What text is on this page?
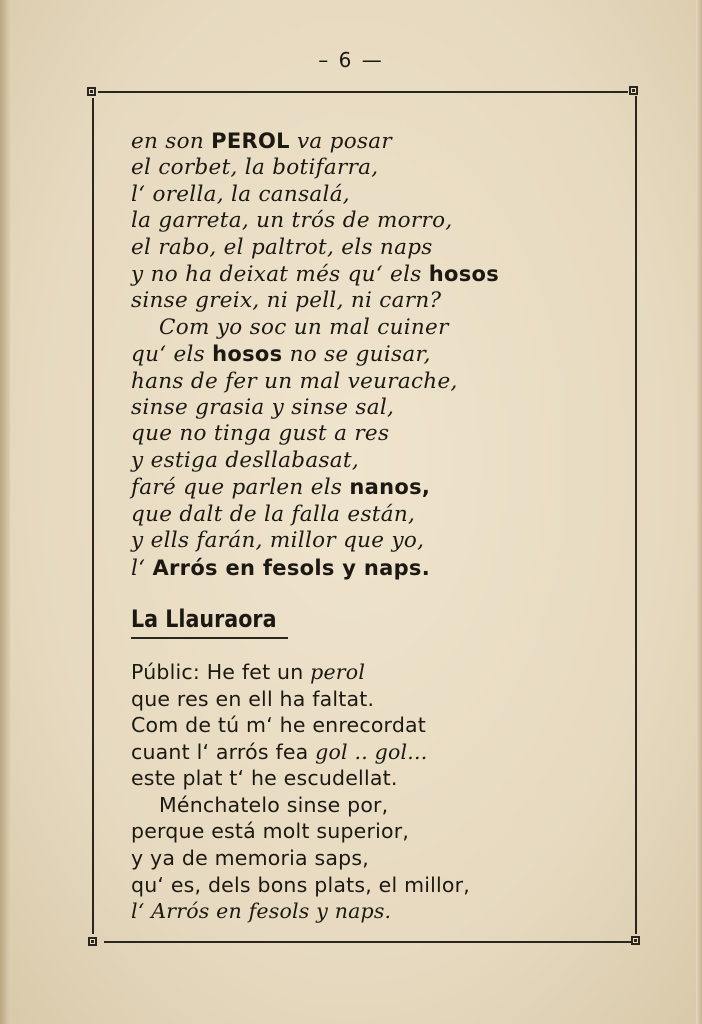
– 6 —
en son PEROL va posar
el corbet, la botifarra,
l‘ orella, la cansalá,
la garreta, un trós de morro,
el rabo, el paltrot, els naps
y no ha deixat més qu‘ els hosos
sinse greix, ni pell, ni carn?
Com yo soc un mal cuiner
qu‘ els hosos no se guisar,
hans de fer un mal veurache,
sinse grasia y sinse sal,
que no tinga gust a res
y estiga desllabasat,
faré que parlen els nanos,
que dalt de la falla están,
y ells farán, millor que yo,
l‘ Arrós en fesols y naps.
La Llauraora
Públic: He fet un perol
que res en ell ha faltat.
Com de tú m‘ he enrecordat
cuant l‘ arrós fea gol .. gol...
este plat t‘ he escudellat.
Ménchatelo sinse por,
perque está molt superior,
y ya de memoria saps,
qu‘ es, dels bons plats, el millor,
l‘ Arrós en fesols y naps.
